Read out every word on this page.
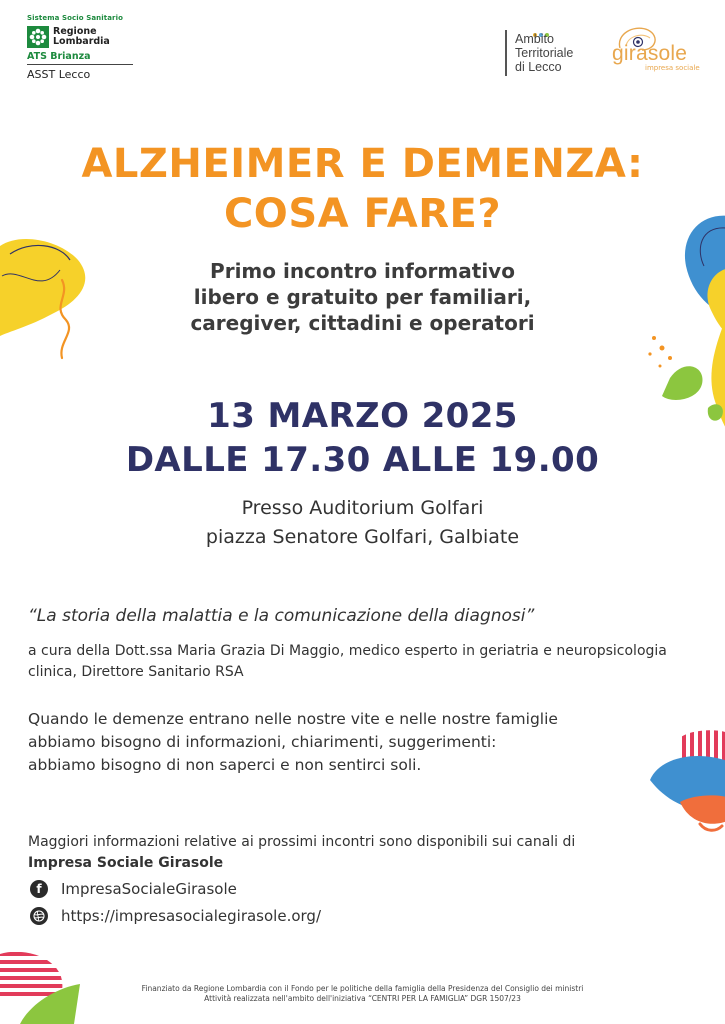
Sistema Socio Sanitario
Regione
Lombardia
ATS Brianza
ASST Lecco
Ambito
Territoriale
di Lecco
girasole
impresa sociale
ALZHEIMER E DEMENZA:
COSA FARE?
Primo incontro informativo
libero e gratuito per familiari,
caregiver, cittadini e operatori
13 MARZO 2025
DALLE 17.30 ALLE 19.00
Presso Auditorium Golfari
piazza Senatore Golfari, Galbiate
“La storia della malattia e la comunicazione della diagnosi”
a cura della Dott.ssa Maria Grazia Di Maggio, medico esperto in geriatria e neuropsicologia clinica, Direttore Sanitario RSA
Quando le demenze entrano nelle nostre vite e nelle nostre famiglie
abbiamo bisogno di informazioni, chiarimenti, suggerimenti:
abbiamo bisogno di non saperci e non sentirci soli.
Maggiori informazioni relative ai prossimi incontri sono disponibili sui canali di
Impresa Sociale Girasole
f	ImpresaSocialeGirasole
https://impresasocialegirasole.org/
Finanziato da Regione Lombardia con il Fondo per le politiche della famiglia della Presidenza del Consiglio dei ministri
Attività realizzata nell'ambito dell'iniziativa “CENTRI PER LA FAMIGLIA” DGR 1507/23
